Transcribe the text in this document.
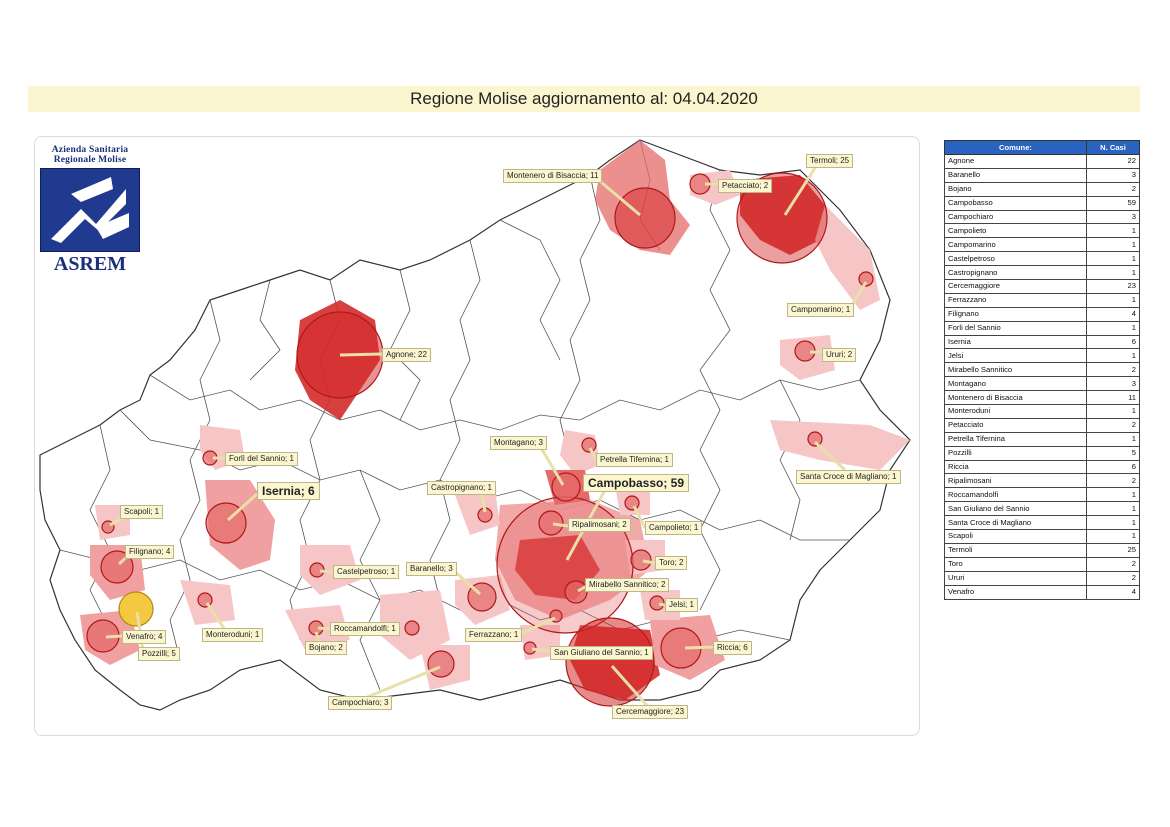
Regione Molise aggiornamento al: 04.04.2020
Azienda Sanitaria
Regionale Molise
ASREM
Montenero di Bisaccia; 11
Petacciato; 2
Termoli; 25
Campomarino; 1
Ururi; 2
Agnone; 22
Santa Croce di Magliano; 1
Forlì del Sannio; 1
Isernia; 6
Montagano; 3
Petrella Tifernina; 1
Campobasso; 59
Castropignano; 1
Ripalimosani; 2	Campolieto; 1
Scapoli; 1
Filignano; 4
Castelpetroso; 1	Baranello; 3
Toro; 2
Mirabello Sannitico; 2
Jelsi; 1
Venafro; 4
Pozzilli; 5
Monteroduni; 1
Roccamandolfi; 1
Ferrazzano; 1
Riccia; 6
Bojano; 2
San Giuliano del Sannio; 1
Campochiaro; 3
Cercemaggiore; 23
Comune:	N. Casi
Agnone	22
Baranello	3
Bojano	2
Campobasso	59
Campochiaro	3
Campolieto	1
Campomarino	1
Castelpetroso	1
Castropignano	1
Cercemaggiore	23
Ferrazzano	1
Filignano	4
Forli del Sannio	1
Isernia	6
Jelsi	1
Mirabello Sannitico	2
Montagano	3
Montenero di Bisaccia	11
Monteroduni	1
Petacciato	2
Petrella Tifernina	1
Pozzilli	5
Riccia	6
Ripalimosani	2
Roccamandolfi	1
San Giuliano del Sannio	1
Santa Croce di Magliano	1
Scapoli	1
Termoli	25
Toro	2
Ururi	2
Venafro	4
